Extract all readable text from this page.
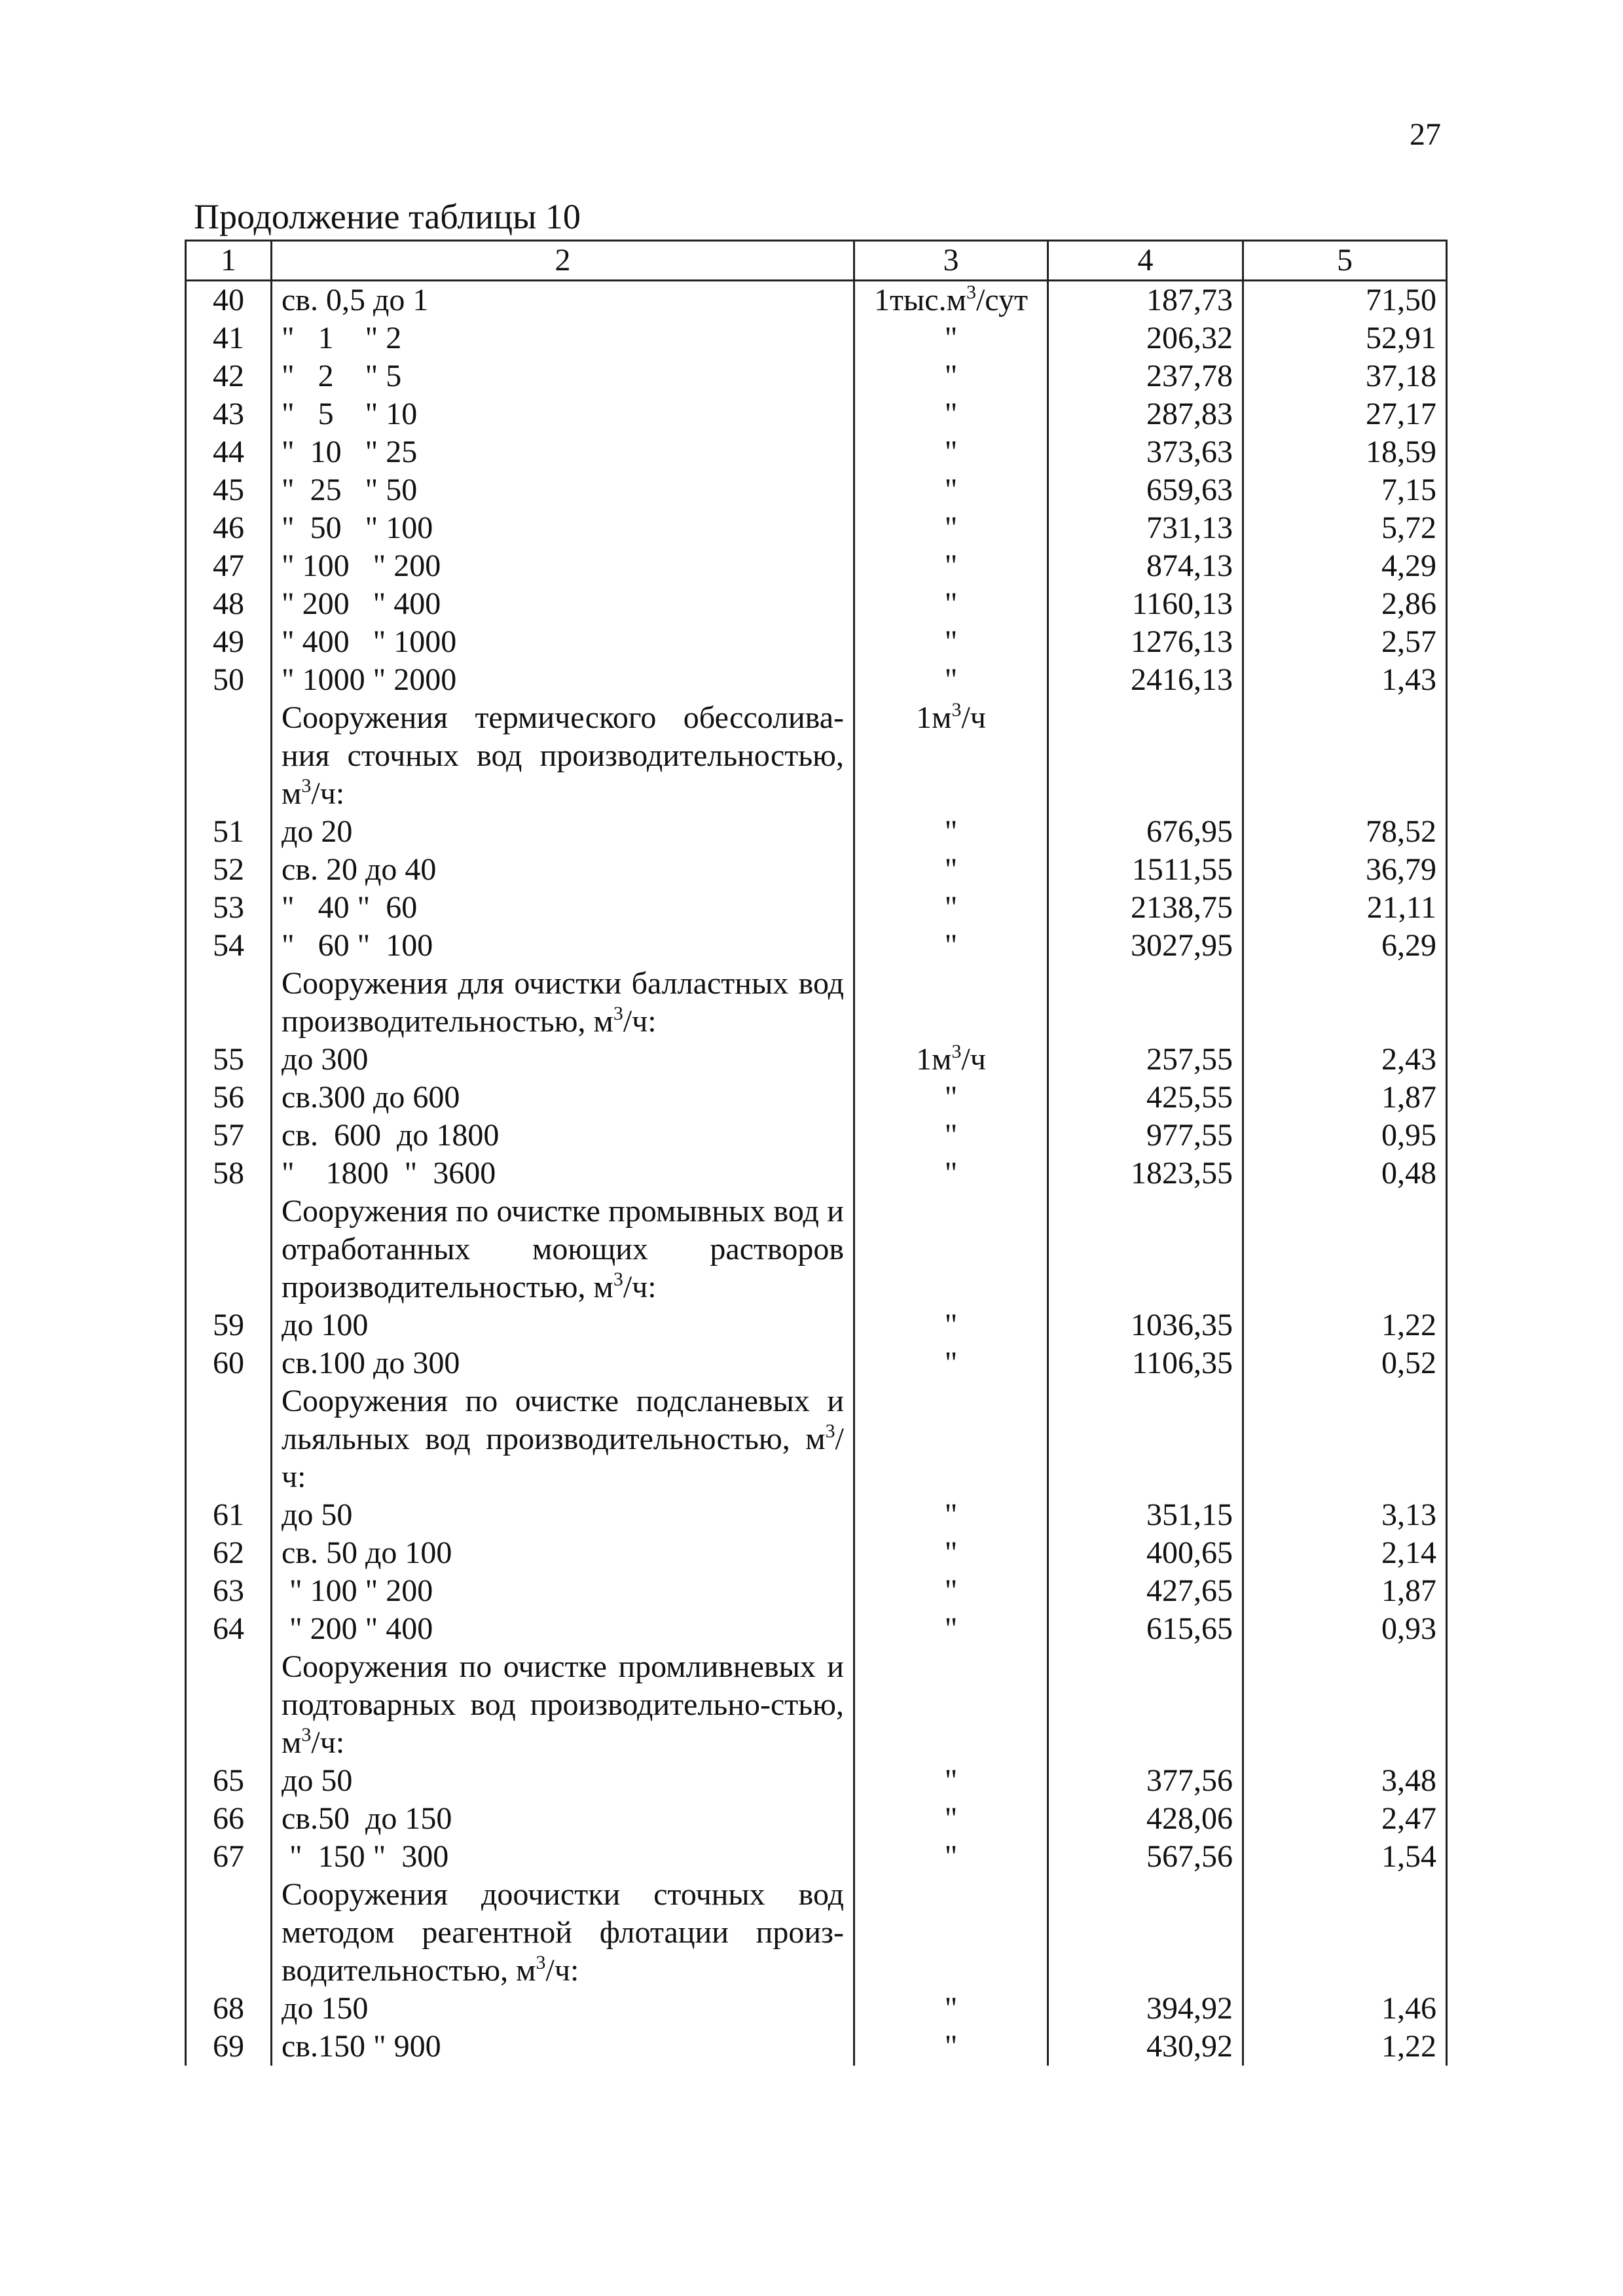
27
Продолжение таблицы 10
1	2	3	4	5
40	св. 0,5 до 1	$1тыс.м^3$/сут	187,73	71,50
41	"   1    " 2	"	206,32	52,91
42	"   2    " 5	"	237,78	37,18
43	"   5    " 10	"	287,83	27,17
44	"  10   " 25	"	373,63	18,59
45	"  25   " 50	"	659,63	7,15
46	"  50   " 100	"	731,13	5,72
47	" 100   " 200	"	874,13	4,29
48	" 200   " 400	"	1160,13	2,86
49	" 400   " 1000	"	1276,13	2,57
50	" 1000 " 2000	"	2416,13	1,43
	Сооружения термического обессолива-ния сточных вод производительностью, $м^3/ч$:	$1м^3/ч$		
51	до 20	"	676,95	78,52
52	св. 20 до 40	"	1511,55	36,79
53	"   40 "  60	"	2138,75	21,11
54	"   60 "  100	"	3027,95	6,29
	Сооружения для очистки балластных вод производительностью, $м^3/ч$:			
55	до 300	$1м^3/ч$	257,55	2,43
56	св.300 до 600	"	425,55	1,87
57	св.  600  до 1800	"	977,55	0,95
58	"    1800  "  3600	"	1823,55	0,48
	Сооружения по очистке промывных вод и отработанных моющих растворов производительностью, $м^3/ч$:			
59	до 100	"	1036,35	1,22
60	св.100 до 300	"	1106,35	0,52
	Сооружения по очистке подсланевых и льяльных вод производительностью, $м^3/ч$:			
61	до 50	"	351,15	3,13
62	св. 50 до 100	"	400,65	2,14
63	" 100 " 200	"	427,65	1,87
64	" 200 " 400	"	615,65	0,93
	Сооружения по очистке промливневых и подтоварных вод производительно-стью, $м^3/ч$:			
65	до 50	"	377,56	3,48
66	св.50  до 150	"	428,06	2,47
67	"  150 "  300	"	567,56	1,54
	Сооружения доочистки сточных вод методом реагентной флотации произ-водительностью, $м^3/ч$:			
68	до 150	"	394,92	1,46
69	св.150 " 900	"	430,92	1,22
